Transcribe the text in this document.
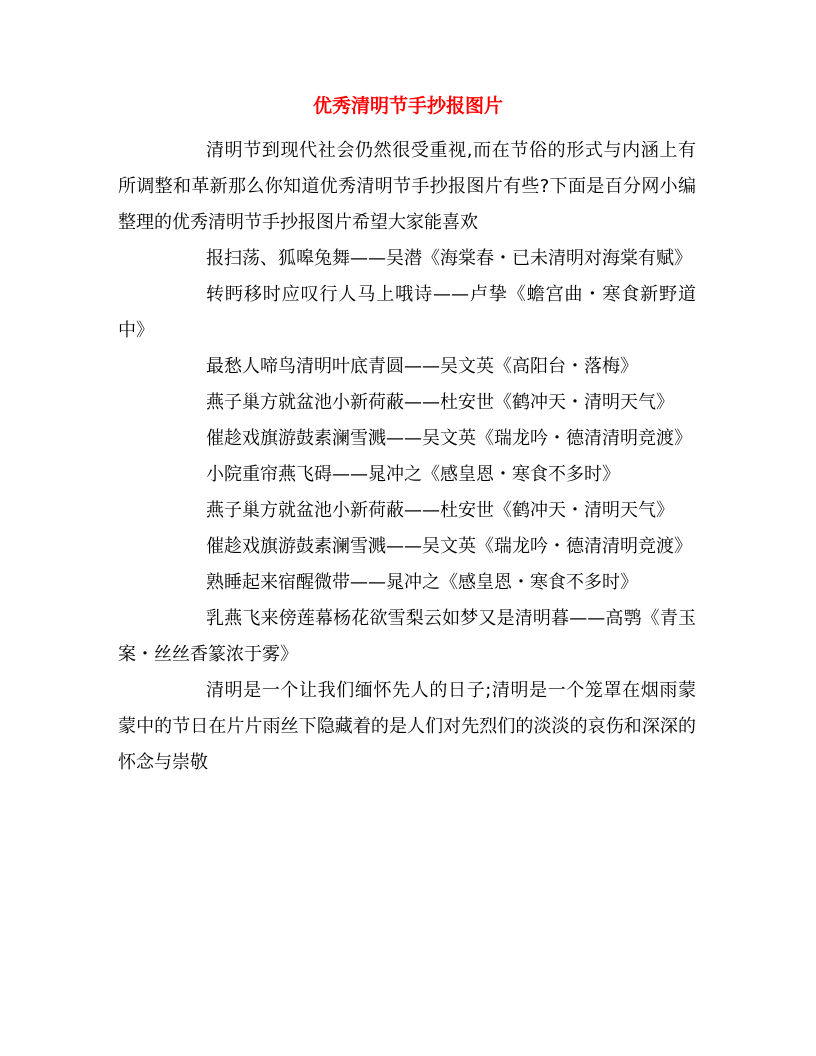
优秀清明节手抄报图片

清明节到现代社会仍然很受重视,而在节俗的形式与内涵上有所调整和革新那么你知道优秀清明节手抄报图片有些?下面是百分网小编整理的优秀清明节手抄报图片希望大家能喜欢

报扫荡、狐嗥兔舞——吴潜《海棠春・已未清明对海棠有赋》

转眄移时应叹行人马上哦诗——卢挚《蟾宫曲・寒食新野道中》

最愁人啼鸟清明叶底青圆——吴文英《高阳台・落梅》

燕子巢方就盆池小新荷蔽——杜安世《鹤冲天・清明天气》

催趁戏旗游鼓素澜雪溅——吴文英《瑞龙吟・德清清明竞渡》

小院重帘燕飞碍——晁冲之《感皇恩・寒食不多时》

燕子巢方就盆池小新荷蔽——杜安世《鹤冲天・清明天气》

催趁戏旗游鼓素澜雪溅——吴文英《瑞龙吟・德清清明竞渡》

熟睡起来宿醒微带——晁冲之《感皇恩・寒食不多时》

乳燕飞来傍莲幕杨花欲雪梨云如梦又是清明暮——高鹗《青玉案・丝丝香篆浓于雾》

清明是一个让我们缅怀先人的日子;清明是一个笼罩在烟雨蒙蒙中的节日在片片雨丝下隐藏着的是人们对先烈们的淡淡的哀伤和深深的怀念与崇敬
